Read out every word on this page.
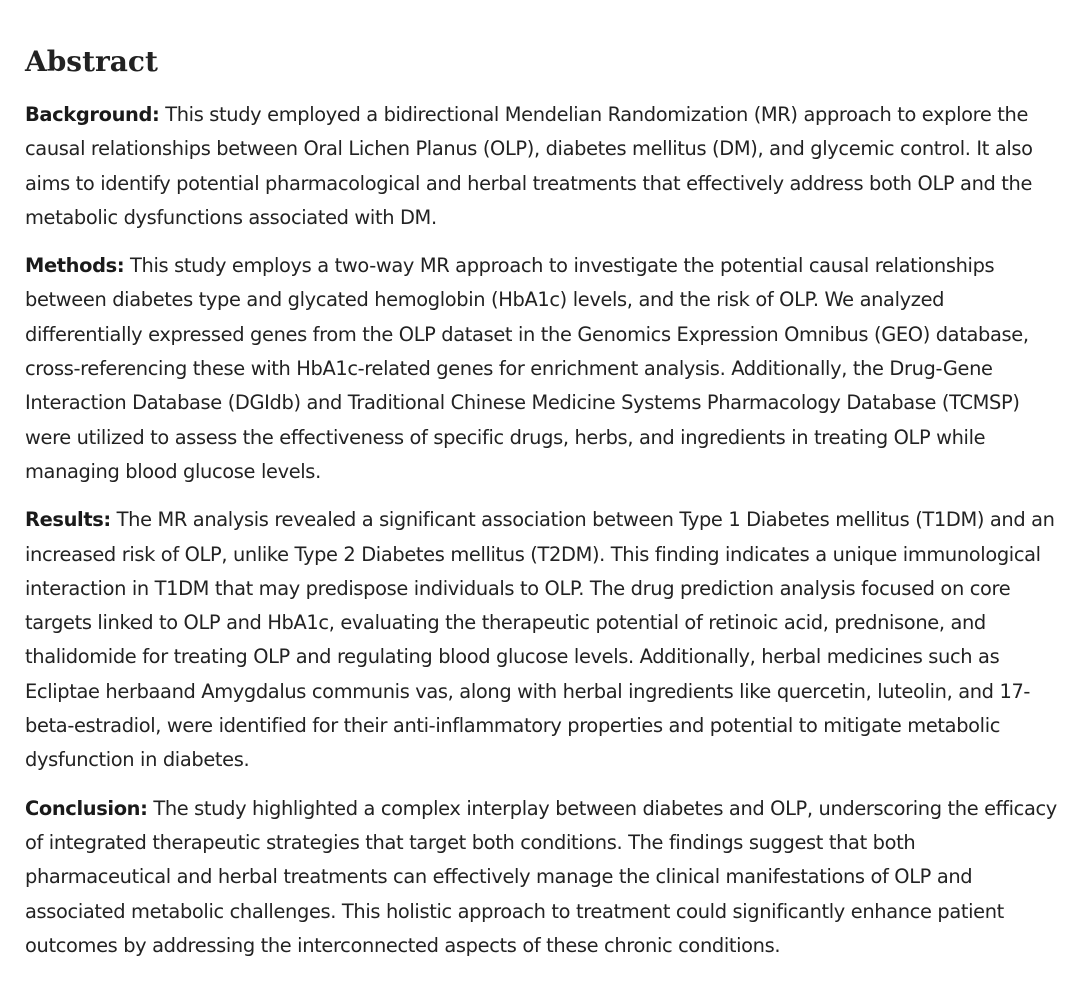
Abstract

Background: This study employed a bidirectional Mendelian Randomization (MR) approach to explore the causal relationships between Oral Lichen Planus (OLP), diabetes mellitus (DM), and glycemic control. It also aims to identify potential pharmacological and herbal treatments that effectively address both OLP and the metabolic dysfunctions associated with DM.

Methods: This study employs a two-way MR approach to investigate the potential causal relationships between diabetes type and glycated hemoglobin (HbA1c) levels, and the risk of OLP. We analyzed differentially expressed genes from the OLP dataset in the Genomics Expression Omnibus (GEO) database, cross-referencing these with HbA1c-related genes for enrichment analysis. Additionally, the Drug-Gene Interaction Database (DGIdb) and Traditional Chinese Medicine Systems Pharmacology Database (TCMSP) were utilized to assess the effectiveness of specific drugs, herbs, and ingredients in treating OLP while managing blood glucose levels.

Results: The MR analysis revealed a significant association between Type 1 Diabetes mellitus (T1DM) and an increased risk of OLP, unlike Type 2 Diabetes mellitus (T2DM). This finding indicates a unique immunological interaction in T1DM that may predispose individuals to OLP. The drug prediction analysis focused on core targets linked to OLP and HbA1c, evaluating the therapeutic potential of retinoic acid, prednisone, and thalidomide for treating OLP and regulating blood glucose levels. Additionally, herbal medicines such as Ecliptae herbaand Amygdalus communis vas, along with herbal ingredients like quercetin, luteolin, and 17-beta-estradiol, were identified for their anti-inflammatory properties and potential to mitigate metabolic dysfunction in diabetes.

Conclusion: The study highlighted a complex interplay between diabetes and OLP, underscoring the efficacy of integrated therapeutic strategies that target both conditions. The findings suggest that both pharmaceutical and herbal treatments can effectively manage the clinical manifestations of OLP and associated metabolic challenges. This holistic approach to treatment could significantly enhance patient outcomes by addressing the interconnected aspects of these chronic conditions.
